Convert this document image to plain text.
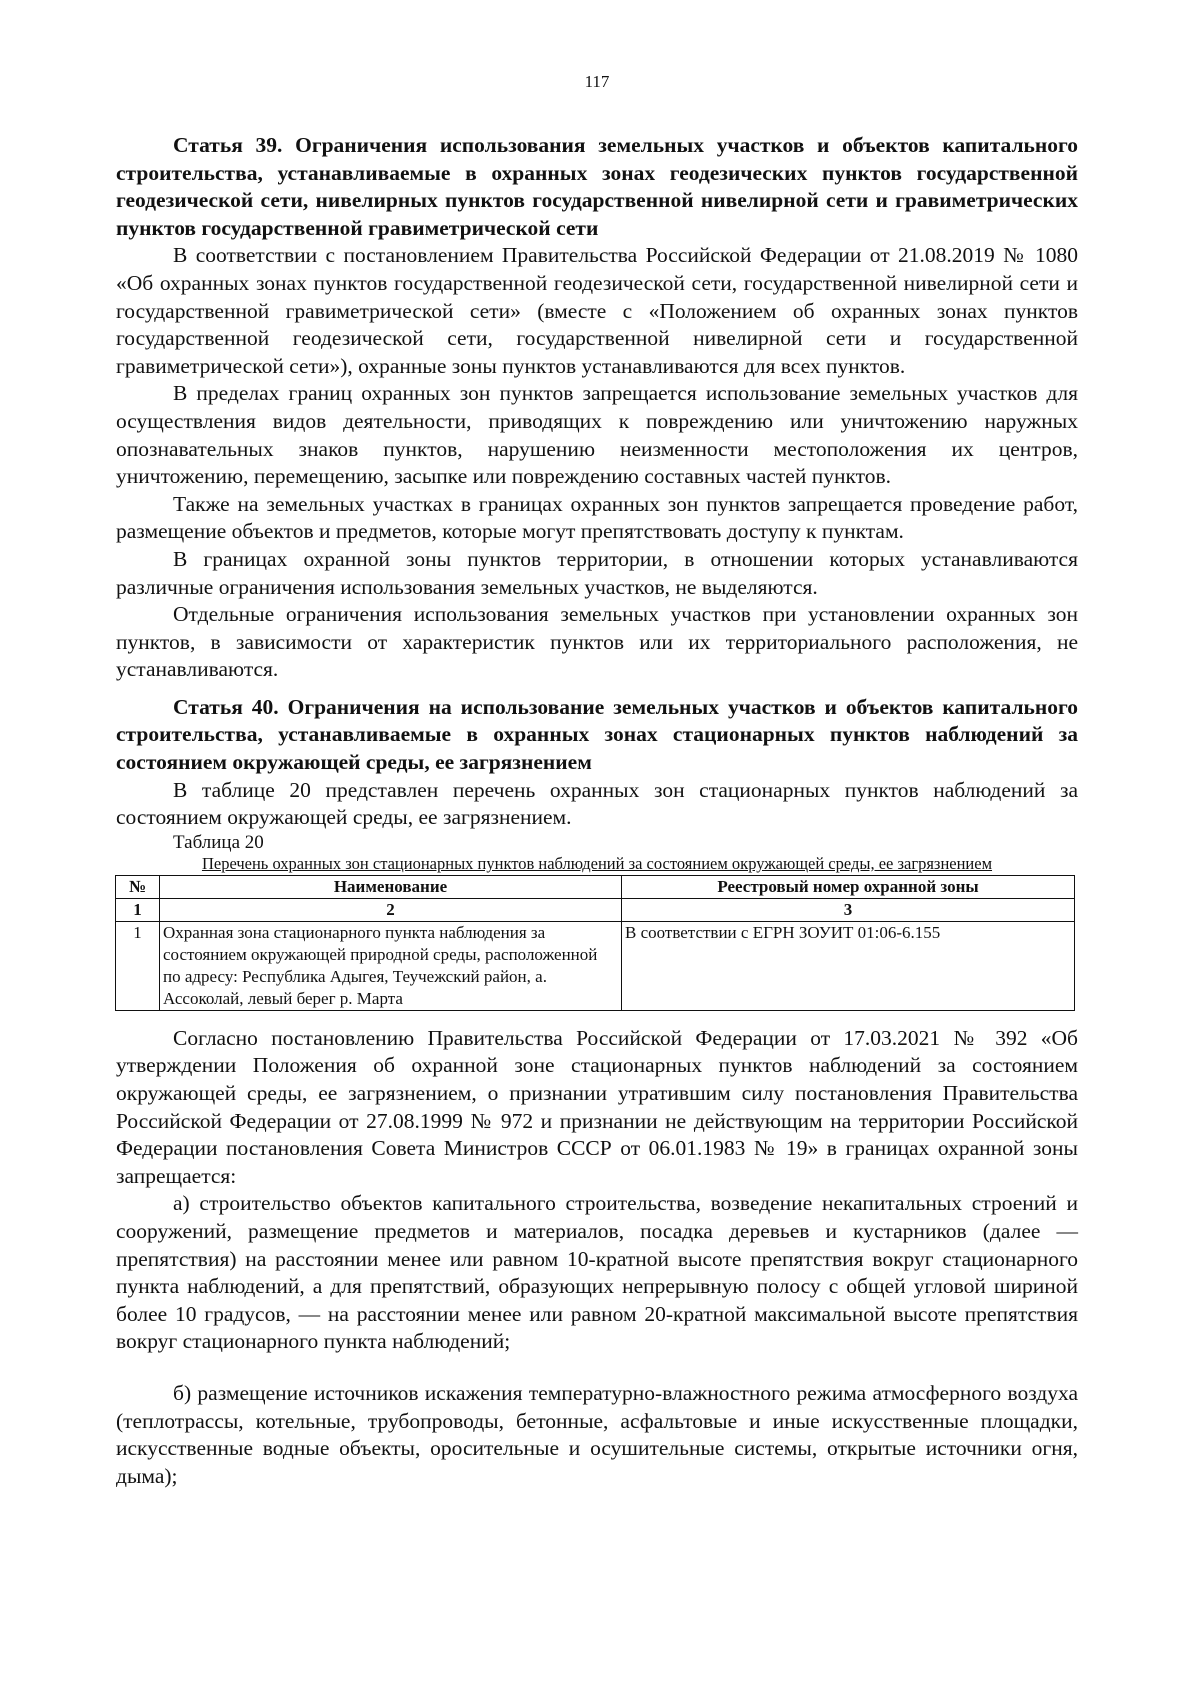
117

Статья 39. Ограничения использования земельных участков и объектов капитального строительства, устанавливаемые в охранных зонах геодезических пунктов государственной геодезической сети, нивелирных пунктов государственной нивелирной сети и гравиметрических пунктов государственной гравиметрической сети

В соответствии с постановлением Правительства Российской Федерации от 21.08.2019 № 1080 «Об охранных зонах пунктов государственной геодезической сети, государственной нивелирной сети и государственной гравиметрической сети» (вместе с «Положением об охранных зонах пунктов государственной геодезической сети, государственной нивелирной сети и государственной гравиметрической сети»), охранные зоны пунктов устанавливаются для всех пунктов.

В пределах границ охранных зон пунктов запрещается использование земельных участков для осуществления видов деятельности, приводящих к повреждению или уничтожению наружных опознавательных знаков пунктов, нарушению неизменности местоположения их центров, уничтожению, перемещению, засыпке или повреждению составных частей пунктов.

Также на земельных участках в границах охранных зон пунктов запрещается проведение работ, размещение объектов и предметов, которые могут препятствовать доступу к пунктам.

В границах охранной зоны пунктов территории, в отношении которых устанавливаются различные ограничения использования земельных участков, не выделяются.

Отдельные ограничения использования земельных участков при установлении охранных зон пунктов, в зависимости от характеристик пунктов или их территориального расположения, не устанавливаются.

Статья 40. Ограничения на использование земельных участков и объектов капитального строительства, устанавливаемые в охранных зонах стационарных пунктов наблюдений за состоянием окружающей среды, ее загрязнением

В таблице 20 представлен перечень охранных зон стационарных пунктов наблюдений за состоянием окружающей среды, ее загрязнением.

Таблица 20

Перечень охранных зон стационарных пунктов наблюдений за состоянием окружающей среды, ее загрязнением

№	Наименование	Реестровый номер охранной зоны
1	2	3
1	Охранная зона стационарного пункта наблюдения за состоянием окружающей природной среды, расположенной по адресу: Республика Адыгея, Теучежский район, а. Ассоколай, левый берег р. Марта	В соответствии с ЕГРН ЗОУИТ 01:06-6.155

Согласно постановлению Правительства Российской Федерации от 17.03.2021 № 392 «Об утверждении Положения об охранной зоне стационарных пунктов наблюдений за состоянием окружающей среды, ее загрязнением, о признании утратившим силу постановления Правительства Российской Федерации от 27.08.1999 № 972 и признании не действующим на территории Российской Федерации постановления Совета Министров СССР от 06.01.1983 № 19» в границах охранной зоны запрещается:

а) строительство объектов капитального строительства, возведение некапитальных строений и сооружений, размещение предметов и материалов, посадка деревьев и кустарников (далее — препятствия) на расстоянии менее или равном 10-кратной высоте препятствия вокруг стационарного пункта наблюдений, а для препятствий, образующих непрерывную полосу с общей угловой шириной более 10 градусов, — на расстоянии менее или равном 20-кратной максимальной высоте препятствия вокруг стационарного пункта наблюдений;

б) размещение источников искажения температурно-влажностного режима атмосферного воздуха (теплотрассы, котельные, трубопроводы, бетонные, асфальтовые и иные искусственные площадки, искусственные водные объекты, оросительные и осушительные системы, открытые источники огня, дыма);
